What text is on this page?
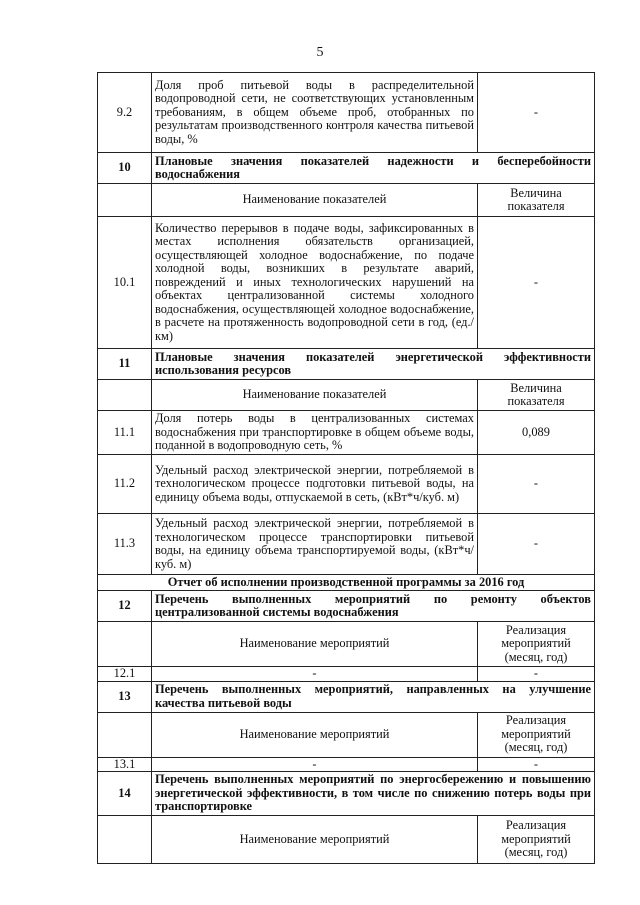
5
9.2	Доля проб питьевой воды в распределительной водопроводной сети, не соответствующих установленным требованиям, в общем объеме проб, отобранных по результатам производственного контроля качества питьевой воды, %	-
10	Плановые значения показателей надежности и бесперебойности водоснабжения	
	Наименование показателей	Величина показателя
10.1	Количество перерывов в подаче воды, зафиксированных в местах исполнения обязательств организацией, осуществляющей холодное водоснабжение, по подаче холодной воды, возникших в результате аварий, повреждений и иных технологических нарушений на объектах централизованной системы холодного водоснабжения, осуществляющей холодное водоснабжение, в расчете на протяженность водопроводной сети в год, (ед./км)	-
11	Плановые значения показателей энергетической эффективности использования ресурсов	
	Наименование показателей	Величина показателя
11.1	Доля потерь воды в централизованных системах водоснабжения при транспортировке в общем объеме воды, поданной в водопроводную сеть, %	0,089
11.2	Удельный расход электрической энергии, потребляемой в технологическом процессе подготовки питьевой воды, на единицу объема воды, отпускаемой в сеть, (кВт*ч/куб. м)	-
11.3	Удельный расход электрической энергии, потребляемой в технологическом процессе транспортировки питьевой воды, на единицу объема транспортируемой воды, (кВт*ч/куб. м)	-
Отчет об исполнении производственной программы за 2016 год		
12	Перечень выполненных мероприятий по ремонту объектов централизованной системы водоснабжения	
	Наименование мероприятий	Реализация мероприятий (месяц, год)
12.1	-	-
13	Перечень выполненных мероприятий, направленных на улучшение качества питьевой воды	
	Наименование мероприятий	Реализация мероприятий (месяц, год)
13.1	-	-
14	Перечень выполненных мероприятий по энергосбережению и повышению энергетической эффективности, в том числе по снижению потерь воды при транспортировке	
	Наименование мероприятий	Реализация мероприятий (месяц, год)
